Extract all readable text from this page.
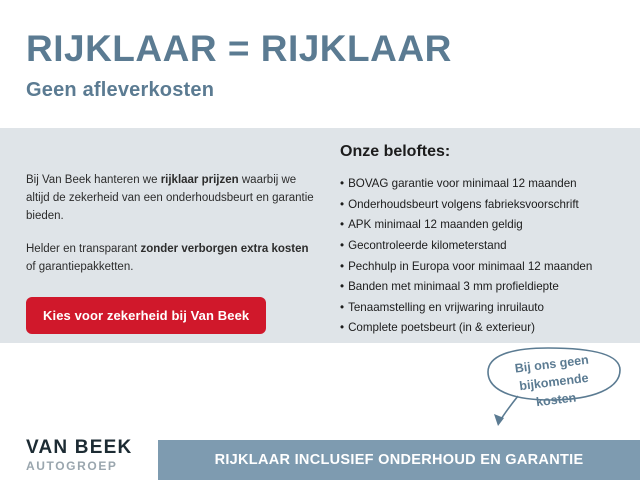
RIJKLAAR = RIJKLAAR
Geen afleverkosten

Bij Van Beek hanteren we rijklaar prijzen waarbij we altijd de zekerheid van een onderhoudsbeurt en garantie bieden.

Helder en transparant zonder verborgen extra kosten of garantiepakketten.

Kies voor zekerheid bij Van Beek
Onze beloftes:
• BOVAG garantie voor minimaal 12 maanden
• Onderhoudsbeurt volgens fabrieksvoorschrift
• APK minimaal 12 maanden geldig
• Gecontroleerde kilometerstand
• Pechhulp in Europa voor minimaal 12 maanden
• Banden met minimaal 3 mm profieldiepte
• Tenaamstelling en vrijwaring inruilauto
• Complete poetsbeurt (in & exterieur)
Bij ons geen
bijkomende
kosten
VAN BEEK
AUTOGROEP	RIJKLAAR INCLUSIEF ONDERHOUD EN GARANTIE
